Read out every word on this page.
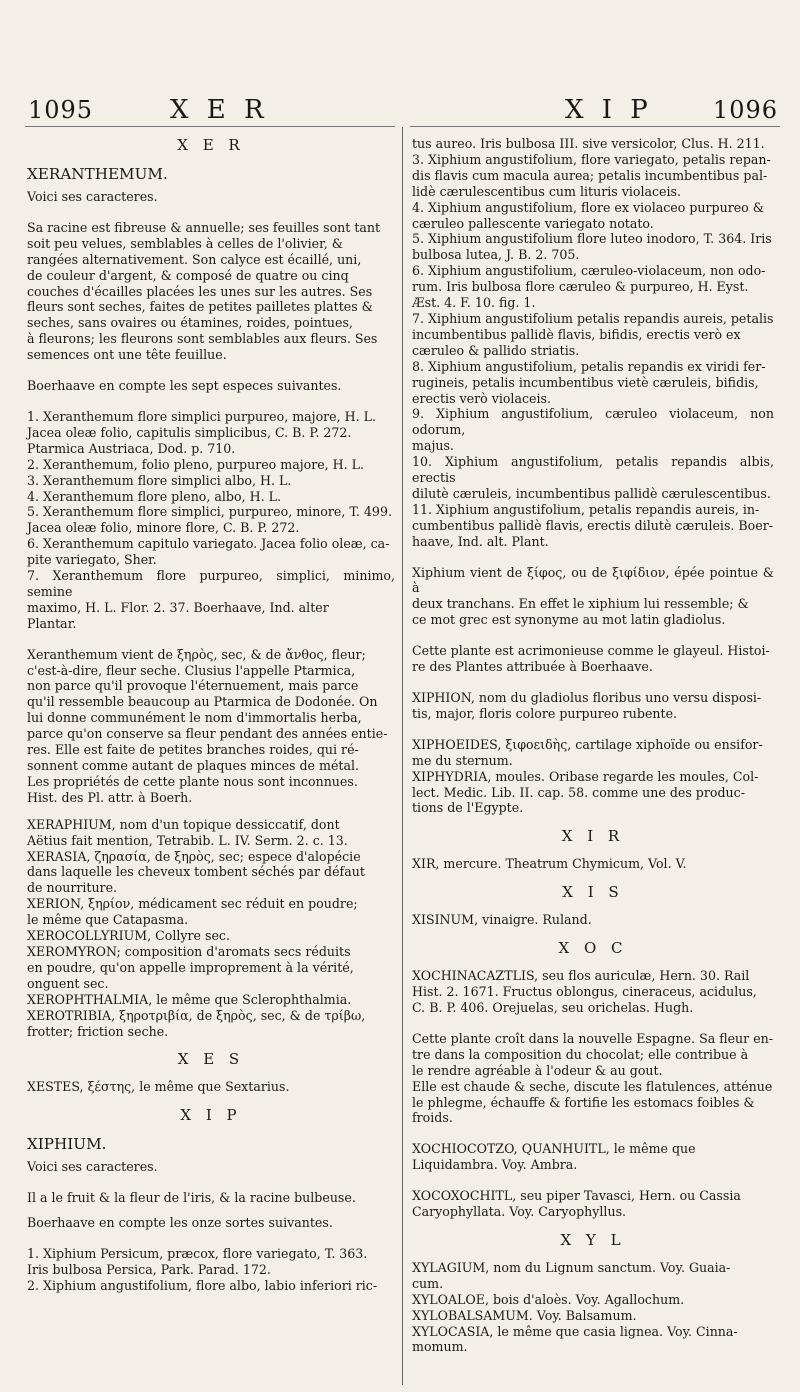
1095	X E R	X I P	1096

X E R

XERANTHEMUM.

Voici ses caracteres.

Sa racine est fibreuse & annuelle; ses feuilles sont tant

soit peu velues, semblables à celles de l'olivier, &

rangées alternativement. Son calyce est écaillé, uni,

de couleur d'argent, & composé de quatre ou cinq

couches d'écailles placées les unes sur les autres. Ses

fleurs sont seches, faites de petites pailletes plattes &

seches, sans ovaires ou étamines, roides, pointues,

à fleurons; les fleurons sont semblables aux fleurs. Ses

semences ont une tête feuillue.

Boerhaave en compte les sept especes suivantes.

1. Xeranthemum flore simplici purpureo, majore, H. L.

Jacea oleæ folio, capitulis simplicibus, C. B. P. 272.

Ptarmica Austriaca, Dod. p. 710.

2. Xeranthemum, folio pleno, purpureo majore, H. L.

3. Xeranthemum flore simplici albo, H. L.

4. Xeranthemum flore pleno, albo, H. L.

5. Xeranthemum flore simplici, purpureo, minore, T. 499.

Jacea oleæ folio, minore flore, C. B. P. 272.

6. Xeranthemum capitulo variegato. Jacea folio oleæ, ca-

pite variegato, Sher.

7. Xeranthemum flore purpureo, simplici, minimo, semine

maximo, H. L. Flor. 2. 37. Boerhaave, Ind. alter

Plantar.

Xeranthemum vient de ξηρὸς, sec, & de ἄνθος, fleur;

c'est-à-dire, fleur seche. Clusius l'appelle Ptarmica,

non parce qu'il provoque l'éternuement, mais parce

qu'il ressemble beaucoup au Ptarmica de Dodonée. On

lui donne communément le nom d'immortalis herba,

parce qu'on conserve sa fleur pendant des années entie-

res. Elle est faite de petites branches roides, qui ré-

sonnent comme autant de plaques minces de métal.

Les propriétés de cette plante nous sont inconnues.

Hist. des Pl. attr. à Boerh.

XERAPHIUM, nom d'un topique dessiccatif, dont

Aëtius fait mention, Tetrabib. L. IV. Serm. 2. c. 13.

XERASIA, ζηρασία, de ξηρὸς, sec; espece d'alopécie

dans laquelle les cheveux tombent séchés par défaut

de nourriture.

XERION, ξηρίον, médicament sec réduit en poudre;

le même que Catapasma.

XEROCOLLYRIUM, Collyre sec.

XEROMYRON; composition d'aromats secs réduits

en poudre, qu'on appelle improprement à la vérité,

onguent sec.

XEROPHTHALMIA, le même que Sclerophthalmia.

XEROTRIBIA, ξηροτριβία, de ξηρὸς, sec, & de τρίβω,

frotter; friction seche.

X E S

XESTES, ξέστης, le même que Sextarius.

X I P

XIPHIUM.

Voici ses caracteres.

Il a le fruit & la fleur de l'iris, & la racine bulbeuse.

Boerhaave en compte les onze sortes suivantes.

1. Xiphium Persicum, præcox, flore variegato, T. 363.

Iris bulbosa Persica, Park. Parad. 172.

2. Xiphium angustifolium, flore albo, labio inferiori ric-

tus aureo. Iris bulbosa III. sive versicolor, Clus. H. 211.

3. Xiphium angustifolium, flore variegato, petalis repan-

dis flavis cum macula aurea; petalis incumbentibus pal-

lidè cærulescentibus cum lituris violaceis.

4. Xiphium angustifolium, flore ex violaceo purpureo &

cæruleo pallescente variegato notato.

5. Xiphium angustifolium flore luteo inodoro, T. 364. Iris

bulbosa lutea, J. B. 2. 705.

6. Xiphium angustifolium, cæruleo-violaceum, non odo-

rum. Iris bulbosa flore cæruleo & purpureo, H. Eyst.

Æst. 4. F. 10. fig. 1.

7. Xiphium angustifolium petalis repandis aureis, petalis

incumbentibus pallidè flavis, bifidis, erectis verò ex

cæruleo & pallido striatis.

8. Xiphium angustifolium, petalis repandis ex viridi fer-

rugineis, petalis incumbentibus vietè cæruleis, bifidis,

erectis verò violaceis.

9. Xiphium angustifolium, cæruleo violaceum, non odorum,

majus.

10. Xiphium angustifolium, petalis repandis albis, erectis

dilutè cæruleis, incumbentibus pallidè cærulescentibus.

11. Xiphium angustifolium, petalis repandis aureis, in-

cumbentibus pallidè flavis, erectis dilutè cæruleis. Boer-

haave, Ind. alt. Plant.

Xiphium vient de ξίφος, ou de ξιφίδιον, épée pointue & à

deux tranchans. En effet le xiphium lui ressemble; &

ce mot grec est synonyme au mot latin gladiolus.

Cette plante est acrimonieuse comme le glayeul. Histoi-

re des Plantes attribuée à Boerhaave.

XIPHION, nom du gladiolus floribus uno versu disposi-

tis, major, floris colore purpureo rubente.

XIPHOEIDES, ξιφοειδὴς, cartilage xiphoïde ou ensifor-

me du sternum.

XIPHYDRIA, moules. Oribase regarde les moules, Col-

lect. Medic. Lib. II. cap. 58. comme une des produc-

tions de l'Egypte.

X I R

XIR, mercure. Theatrum Chymicum, Vol. V.

X I S

XISINUM, vinaigre. Ruland.

X O C

XOCHINACAZTLIS, seu flos auriculæ, Hern. 30. Rail

Hist. 2. 1671. Fructus oblongus, cineraceus, acidulus,

C. B. P. 406. Orejuelas, seu orichelas. Hugh.

Cette plante croît dans la nouvelle Espagne. Sa fleur en-

tre dans la composition du chocolat; elle contribue à

le rendre agréable à l'odeur & au gout.

Elle est chaude & seche, discute les flatulences, atténue

le phlegme, échauffe & fortifie les estomacs foibles &

froids.

XOCHIOCOTZO, QUANHUITL, le même que

Liquidambra. Voy. Ambra.

XOCOXOCHITL, seu piper Tavasci, Hern. ou Cassia

Caryophyllata. Voy. Caryophyllus.

X Y L

XYLAGIUM, nom du Lignum sanctum. Voy. Guaia-

cum.

XYLOALOE, bois d'aloès. Voy. Agallochum.

XYLOBALSAMUM. Voy. Balsamum.

XYLOCASIA, le même que casia lignea. Voy. Cinna-

momum.
